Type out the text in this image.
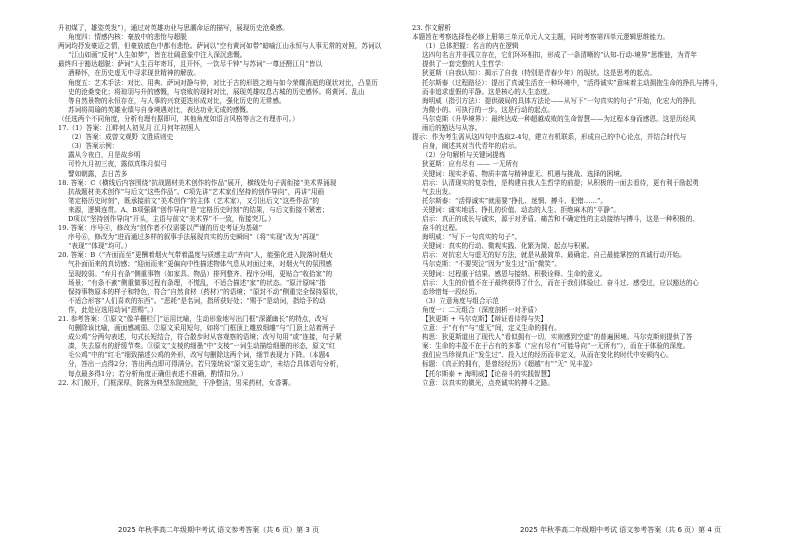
升初煤了，雄姿英发”），通过对英雄功业与思潮命运的描写，展现历史沧桑感。
角度四：情感内核：豪放中的悲怆与超脱
两词均抒发豪迈之情，但豪放底色中都有悲怆。萨词以“空有黄河如带”暗喻江山永恒与人事无常的对照，苏词以
“江山如画”反衬“人生如梦”，皆在壮阔意象中注入深沉悲慨。
最终归于豁达超脱：萨词“人生百年寄耳，且开怀，一饮尽千钟”与苏词“一尊还酹江月”皆以
酒释怀，在历史虚无中寻求现世精神的解放。
角度五：艺术手法：对比、用典、萨词对静与仲，对比于古的形胜之地与如今荣耀消逝的现状对比，凸显历
史的沧桑变化；将琼羽与升的感慨，与衰败的现时对比，展现英雄叹息古城的历史感怀。将黄河、乱山
等自然景物的永恒存在，与人事的兴衰更迭形成对比，强化历史的无常感。
苏词将周瑜的英雄业绩与自身境遇对比，表达功业无成的感慨。
（任选两个不同角度，分析有理有据即可，其他角度如语言风格等言之有理亦可。）
17.（1）答案：江畔何人初见月 江月何年初照人
（2）答案：成曾文观野 文胜质则史
（3）答案示例：
露从今夜白，月是故乡明
可怜九月初三夜，露似真珠月似弓
譬如朝露，去日苦多
18. 答案：C（横线后内容围绕“抗战题材美术创作的作品”展开，横线处句子需衔接“美术界涌现
抗战题材美术创作”与后文“这些作品”。C项先讲“艺术家们坚持的创作导向”，再讲“用画
笔定格历史时刻”，既承接前文“美术创作”的主体（艺术家），又引出后文“这些作品”的
来源，逻辑连贯。A、B项强调“创作导向”是“定格历史时刻”的结果，与后文衔接不紧密；
D项以“坚持创作导向”开头，主语与前文“美术界”不一致，衔接突兀。）
19. 答案：序号④，修改为“创作者不仅需要以严谨的历史考证为基础”
序号⑥，修改为“进而通过多样的叙事手法展现真实的历史瞬间”（将“实现”改为“再现”
“表现”“体现”均可。）
20. 答案：B（“卉面而至”更酬着烟火气带着温度与质感主动“卉向”人，能强化进入院落时烟火
气扑面而来的真切感；“迎面而来”更偏向中性描述物体气息从对面过来，对烟火气的氛围感
呈现较弱。“弁月有条”侧重事物（如家具、物品）排列整齐、程序分明，更贴合“收拾家”的
场景；“有条不紊”侧重做事过程有条理，不慌乱，不适合描述“家”的状态。“原汁原味”指
保持事物原本的样子和特色，符合“自然食材（药材）”的语境；“原封不动”侧重完全保持原状，
不适合形容“人们喜欢的东西”。“恶耗”是名词，指所获好处；“赐予”是动词，指给予的动
作，此处应选用动词“恩赐”。）
21. 参考答案：①原文“像羊栅栏门”运用比喻，生动形象地写出门框“深灌幽长”的特点，改写
句删除该比喻，画面感减弱。②原文采用短句，如将“门框顶上雕放细雕”与“门顶上站着两子
成公鸡”分两句表述，句式长短结合，符合散步时从容观察的语境；改写句用“或”连接，句子紧
凑，失去原有的舒缓节奏。③原文“支棱的细墨”中“支棱”一词生动描绘细墨的形态，原文“红
毛公鸡”中的“红毛”细致描述公鸡的外形，改写句删除这两个词，细节表现力下降。（本题4
分，答出一点得2分；答出两点即可得满分。若只笼统说“原文更生动”，未结合具体语句分析，
每点最多得1分；若分析角度正确但表述不准确，酌情扣分。）
22. 木门敞开，门框深厚，院落为典型东院庭院，干净整洁，男采药材，女香薯。
23. 作文解析
本题旨在考察选择性必修上册第三单元单元人文主题，同时考察第四单元逻辑思维能力。
（1）总体把握：名言的内在逻辑
这四句名言并非孤立存在，它们环环相扣，形成了一条清晰的“认知-行动-境界”思维链，为青年
提供了一套完整的人生哲学：
狄更斯（自我认知）：揭示了自我（特别是青春少年）的现状。这是思考的起点。
托尔斯泰（过程路径）：提出了真诚生活在一种环境中，“活得诚实”意味着主动拥抱生命的挣扎与搏斗，
而非追求虚假的平静。这是核心的人生态度。
海明威（指引方法）：提供破局的具体方法论——从写下“一句真实的句子”开始，化宏大的挣扎
为微小的、可执行的一步。这是行动的起点。
马尔克斯（升华境界）：最终达成一种超越成败的生命智慧——为过程本身而感恩。这是历经风
雨后的豁达与从容。
提示：作为考生需从这四句中选取2-4句，建立有机联系，形成自己的中心论点，并结合时代与
自身，阐述其对当代青年的启示。
（2）分句解析与关键词提炼
狄更斯：应有尽有 —— 一无所有
关键词：现实矛盾、物质丰富与精神虚无、机遇与挑战、选择的困境。
启示：认清现实的复杂性，是构建自我人生哲学的前提；从积极的一面去看待，更有利于励起勇
气去出发。
托尔斯泰：“活得诚实”就需要“挣扎、迷惘、搏斗、犯错……”。
关键词：诚实地活、挣扎的价值、动态的人生、拒绝麻木的“平静”。
启示：真正的成长与诚实，源于对矛盾、痛苦和不确定性的主动接纳与搏斗，这是一种积极的、
奋斗的过程。
海明威：“写下一句真实的句子”。
关键词：真实的行动、微观实践、化繁为简、起点与积累。
启示：对抗宏大与虚无的好方法，就是从最简单、最确定、自己最能掌控的真诚行动开始。
马尔克斯：“不要哭泣”因为“发生过”而“微笑”。
关键词：过程重于结果、感恩与接纳、积极诠释、生命的意义。
启示：人生的价值不在于最终获得了什么，而在于我们体验过、奋斗过、感受过，应以豁达的心
态珍惜每一段经历。
（3）立意角度与组合示范
角度一：二元组合（深度剖析一对矛盾）
【狄更斯 + 马尔克斯】【辩证看待得与失】
立意：于“有有”与“虚无”间，定义生命的拥有。
构思：狄更斯道出了现代人“看似拥有一切，实则感到空虚”的普遍困境。马尔克斯则提供了答
案：生命的丰盈不在于占有的多寡（“应有尽有”可能导向“一无所有”），而在于体验的深度。
我们应当珍视真正“发生过”、投入过的经历而非定义，从而在变化的时代中安顿内心。
标题：《真正的拥有，是曾经经历》《超越“有”“无” 见丰盈》
【托尔斯泰 + 海明威】【论奋斗的实践智慧】
立意：以真实的微光，点亮诚实的搏斗之路。
2025 年秋季高二年级期中考试 语文参考答案（共 6 页）第 3 页	2025 年秋季高二年级期中考试 语文参考答案（共 6 页）第 4 页
